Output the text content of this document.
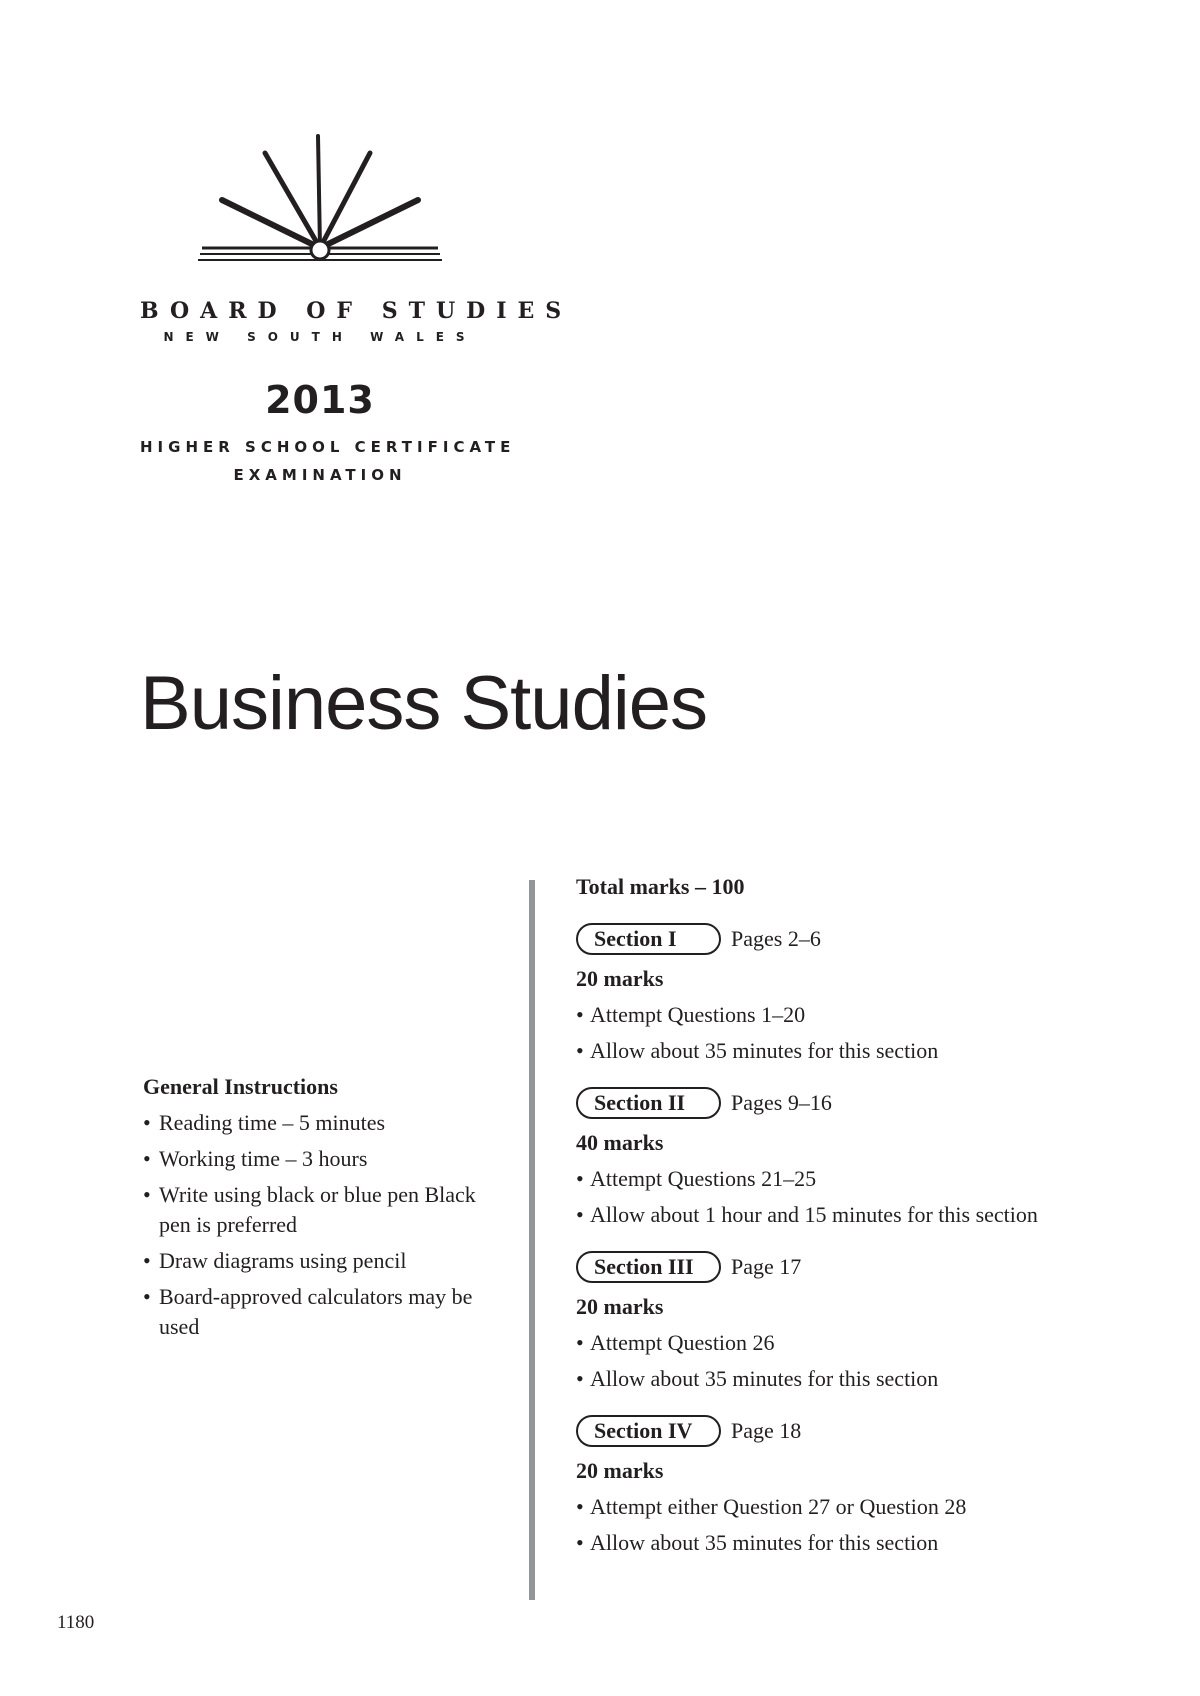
BOARD OF STUDIES
NEW SOUTH WALES
2013
HIGHER SCHOOL CERTIFICATE
EXAMINATION
Business Studies
General Instructions
• Reading time – 5 minutes
• Working time – 3 hours
• Write using black or blue pen Black pen is preferred
• Draw diagrams using pencil
• Board-approved calculators may be used
Total marks – 100
Section I	Pages 2–6
20 marks
• Attempt Questions 1–20
• Allow about 35 minutes for this section
Section II	Pages 9–16
40 marks
• Attempt Questions 21–25
• Allow about 1 hour and 15 minutes for this section
Section III	Page 17
20 marks
• Attempt Question 26
• Allow about 35 minutes for this section
Section IV	Page 18
20 marks
• Attempt either Question 27 or Question 28
• Allow about 35 minutes for this section
1180
